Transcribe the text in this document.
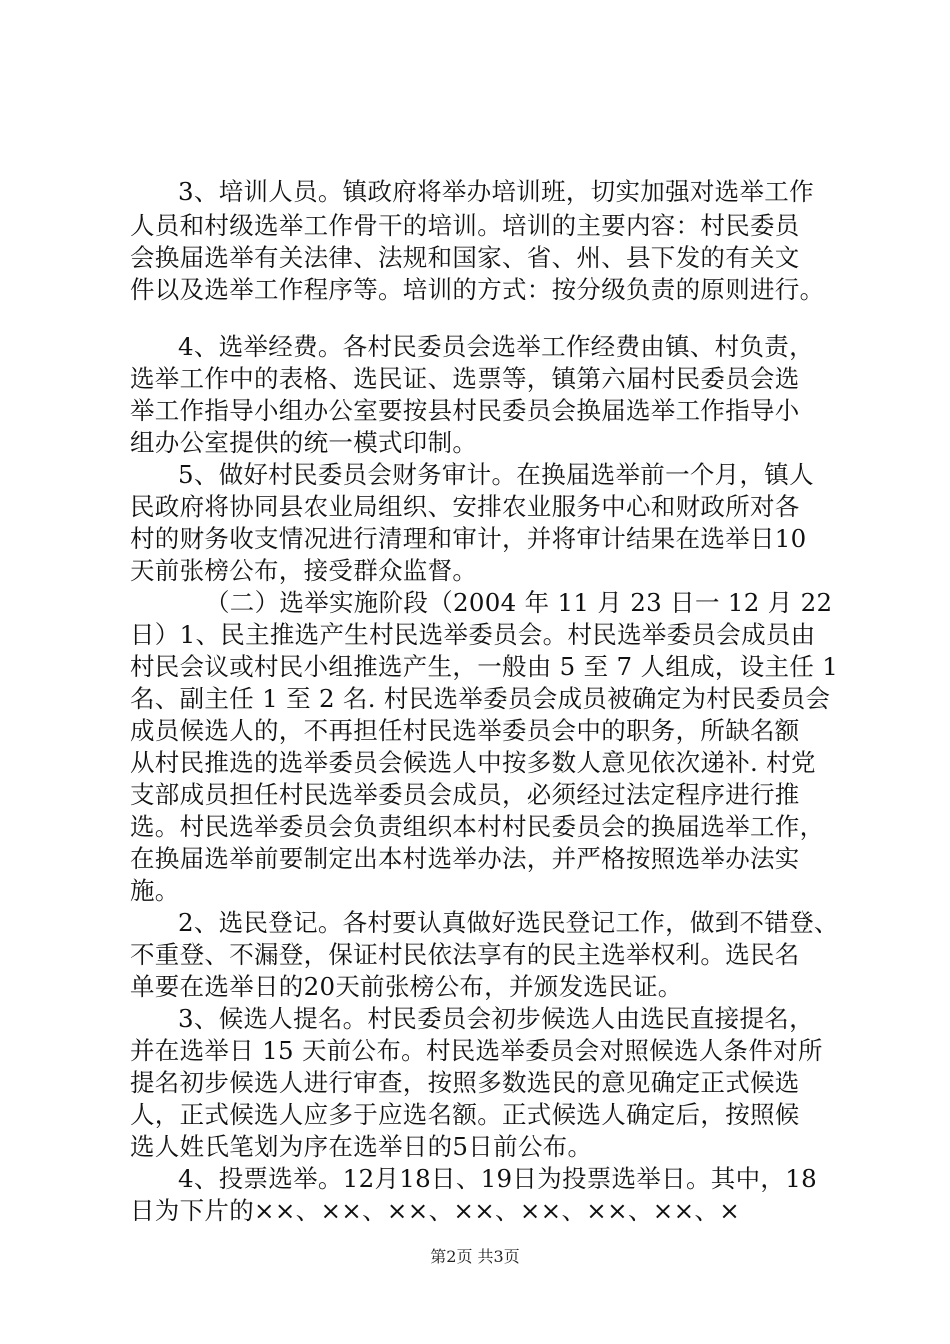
3、培训人员。镇政府将举办培训班，切实加强对选举工作
人员和村级选举工作骨干的培训。培训的主要内容：村民委员
会换届选举有关法律、法规和国家、省、州、县下发的有关文
件以及选举工作程序等。培训的方式：按分级负责的原则进行。
4、选举经费。各村民委员会选举工作经费由镇、村负责，
选举工作中的表格、选民证、选票等，镇第六届村民委员会选
举工作指导小组办公室要按县村民委员会换届选举工作指导小
组办公室提供的统一模式印制。
5、做好村民委员会财务审计。在换届选举前一个月，镇人
民政府将协同县农业局组织、安排农业服务中心和财政所对各
村的财务收支情况进行清理和审计，并将审计结果在选举日10
天前张榜公布，接受群众监督。
（二）选举实施阶段（2004 年 11 月 23 日一 12 月 22
日）1、民主推选产生村民选举委员会。村民选举委员会成员由
村民会议或村民小组推选产生，一般由 5 至 7 人组成，设主任 1
名、副主任 1 至 2 名. 村民选举委员会成员被确定为村民委员会
成员候选人的，不再担任村民选举委员会中的职务，所缺名额
从村民推选的选举委员会候选人中按多数人意见依次递补. 村党
支部成员担任村民选举委员会成员，必须经过法定程序进行推
选。村民选举委员会负责组织本村村民委员会的换届选举工作，
在换届选举前要制定出本村选举办法，并严格按照选举办法实
施。
2、选民登记。各村要认真做好选民登记工作，做到不错登、
不重登、不漏登，保证村民依法享有的民主选举权利。选民名
单要在选举日的20天前张榜公布，并颁发选民证。
3、候选人提名。村民委员会初步候选人由选民直接提名，
并在选举日 15 天前公布。村民选举委员会对照候选人条件对所
提名初步候选人进行审查，按照多数选民的意见确定正式候选
人，正式候选人应多于应选名额。正式候选人确定后，按照候
选人姓氏笔划为序在选举日的5日前公布。
4、投票选举。12月18日、19日为投票选举日。其中，18
日为下片的××、××、××、××、××、××、××、×
第2页 共3页
